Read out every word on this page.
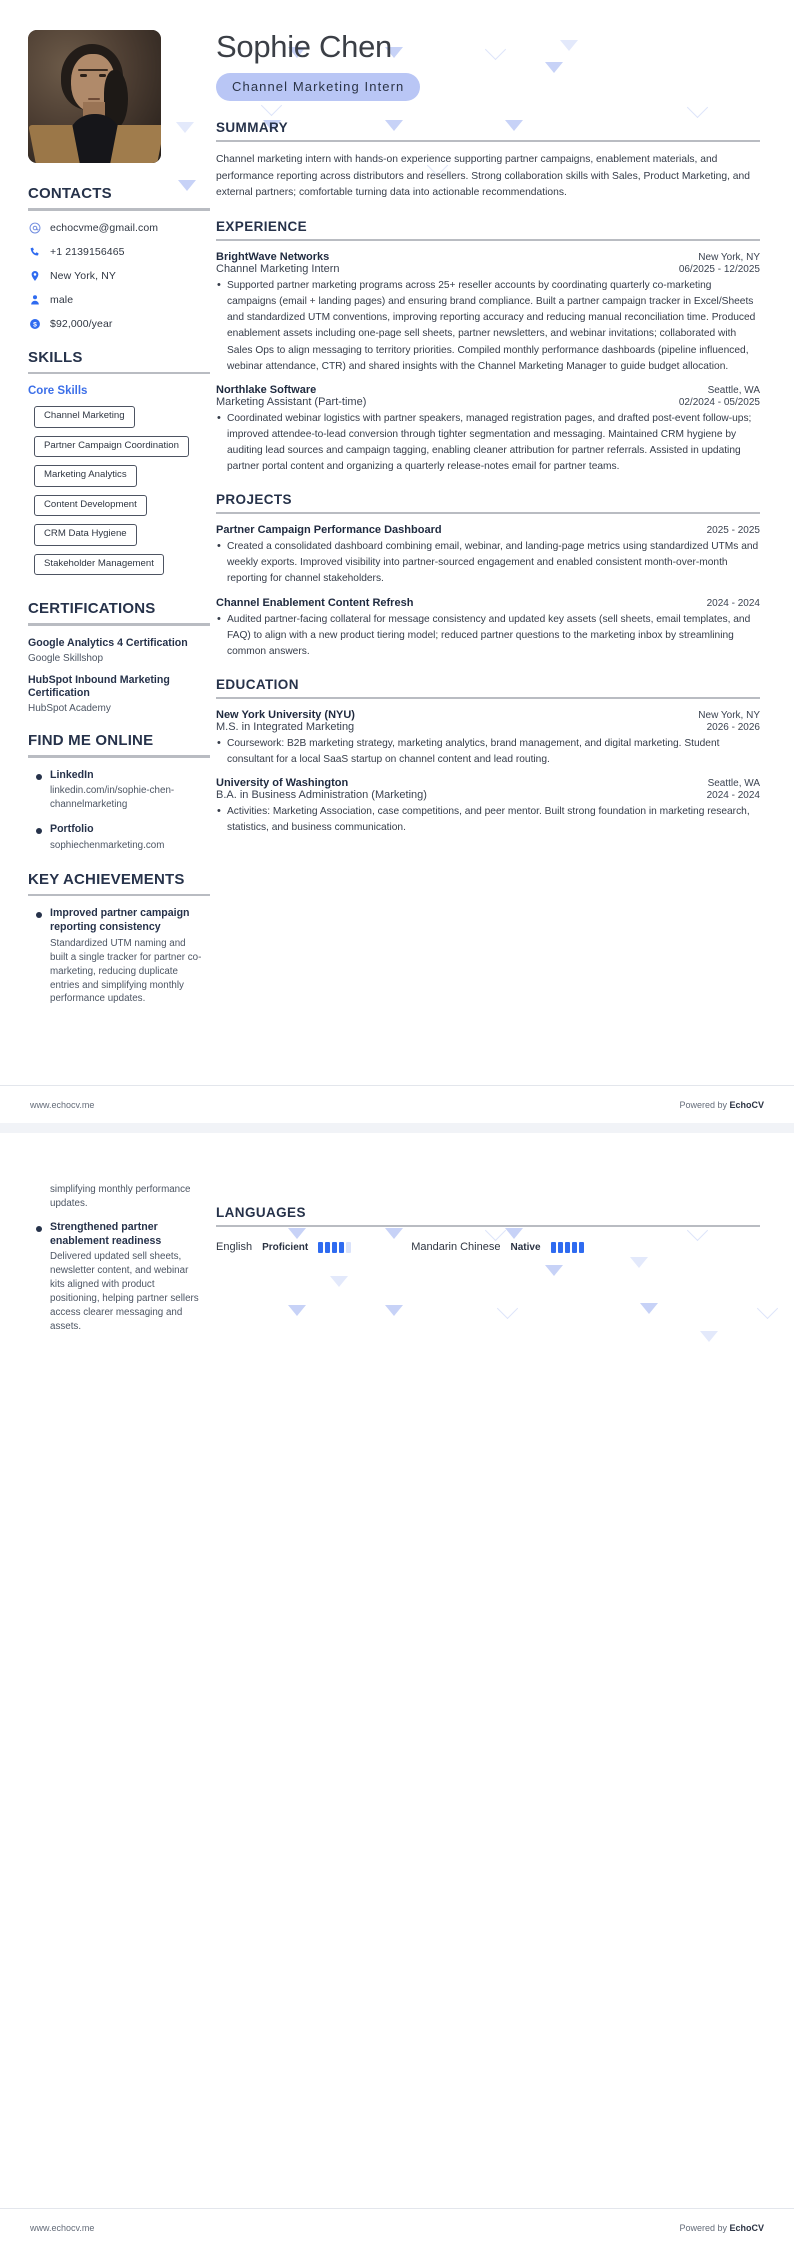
CONTACTS
echocvme@gmail.com
+1 2139156465
New York, NY
male
$ $92,000/year
SKILLS
Core Skills
Channel Marketing
Partner Campaign Coordination
Marketing Analytics
Content Development
CRM Data Hygiene
Stakeholder Management
CERTIFICATIONS
Google Analytics 4 Certification
Google Skillshop
HubSpot Inbound Marketing Certification
HubSpot Academy
FIND ME ONLINE
LinkedIn
linkedin.com/in/sophie-chen-channelmarketing
Portfolio
sophiechenmarketing.com
KEY ACHIEVEMENTS
Improved partner campaign reporting consistency
Standardized UTM naming and built a single tracker for partner co-marketing, reducing duplicate entries and simplifying monthly performance updates.
Sophie Chen
Channel Marketing Intern
SUMMARY
Channel marketing intern with hands-on experience supporting partner campaigns, enablement materials, and performance reporting across distributors and resellers. Strong collaboration skills with Sales, Product Marketing, and external partners; comfortable turning data into actionable recommendations.
EXPERIENCE
BrightWave Networks	New York, NY
Channel Marketing Intern	06/2025 - 12/2025
• Supported partner marketing programs across 25+ reseller accounts by coordinating quarterly co-marketing campaigns (email + landing pages) and ensuring brand compliance. Built a partner campaign tracker in Excel/Sheets and standardized UTM conventions, improving reporting accuracy and reducing manual reconciliation time. Produced enablement assets including one-page sell sheets, partner newsletters, and webinar invitations; collaborated with Sales Ops to align messaging to territory priorities. Compiled monthly performance dashboards (pipeline influenced, webinar attendance, CTR) and shared insights with the Channel Marketing Manager to guide budget allocation.
Northlake Software	Seattle, WA
Marketing Assistant (Part-time)	02/2024 - 05/2025
• Coordinated webinar logistics with partner speakers, managed registration pages, and drafted post-event follow-ups; improved attendee-to-lead conversion through tighter segmentation and messaging. Maintained CRM hygiene by auditing lead sources and campaign tagging, enabling cleaner attribution for partner referrals. Assisted in updating partner portal content and organizing a quarterly release-notes email for partner teams.
PROJECTS
Partner Campaign Performance Dashboard	2025 - 2025
• Created a consolidated dashboard combining email, webinar, and landing-page metrics using standardized UTMs and weekly exports. Improved visibility into partner-sourced engagement and enabled consistent month-over-month reporting for channel stakeholders.
Channel Enablement Content Refresh	2024 - 2024
• Audited partner-facing collateral for message consistency and updated key assets (sell sheets, email templates, and FAQ) to align with a new product tiering model; reduced partner questions to the marketing inbox by streamlining common answers.
EDUCATION
New York University (NYU)	New York, NY
M.S. in Integrated Marketing	2026 - 2026
• Coursework: B2B marketing strategy, marketing analytics, brand management, and digital marketing. Student consultant for a local SaaS startup on channel content and lead routing.
University of Washington	Seattle, WA
B.A. in Business Administration (Marketing)	2024 - 2024
• Activities: Marketing Association, case competitions, and peer mentor. Built strong foundation in marketing research, statistics, and business communication.
www.echocv.me	Powered by EchoCV
simplifying monthly performance updates.
Strengthened partner enablement readiness
Delivered updated sell sheets, newsletter content, and webinar kits aligned with product positioning, helping partner sellers access clearer messaging and assets.
LANGUAGES
English Proficient	Mandarin Chinese Native
www.echocv.me	Powered by EchoCV
